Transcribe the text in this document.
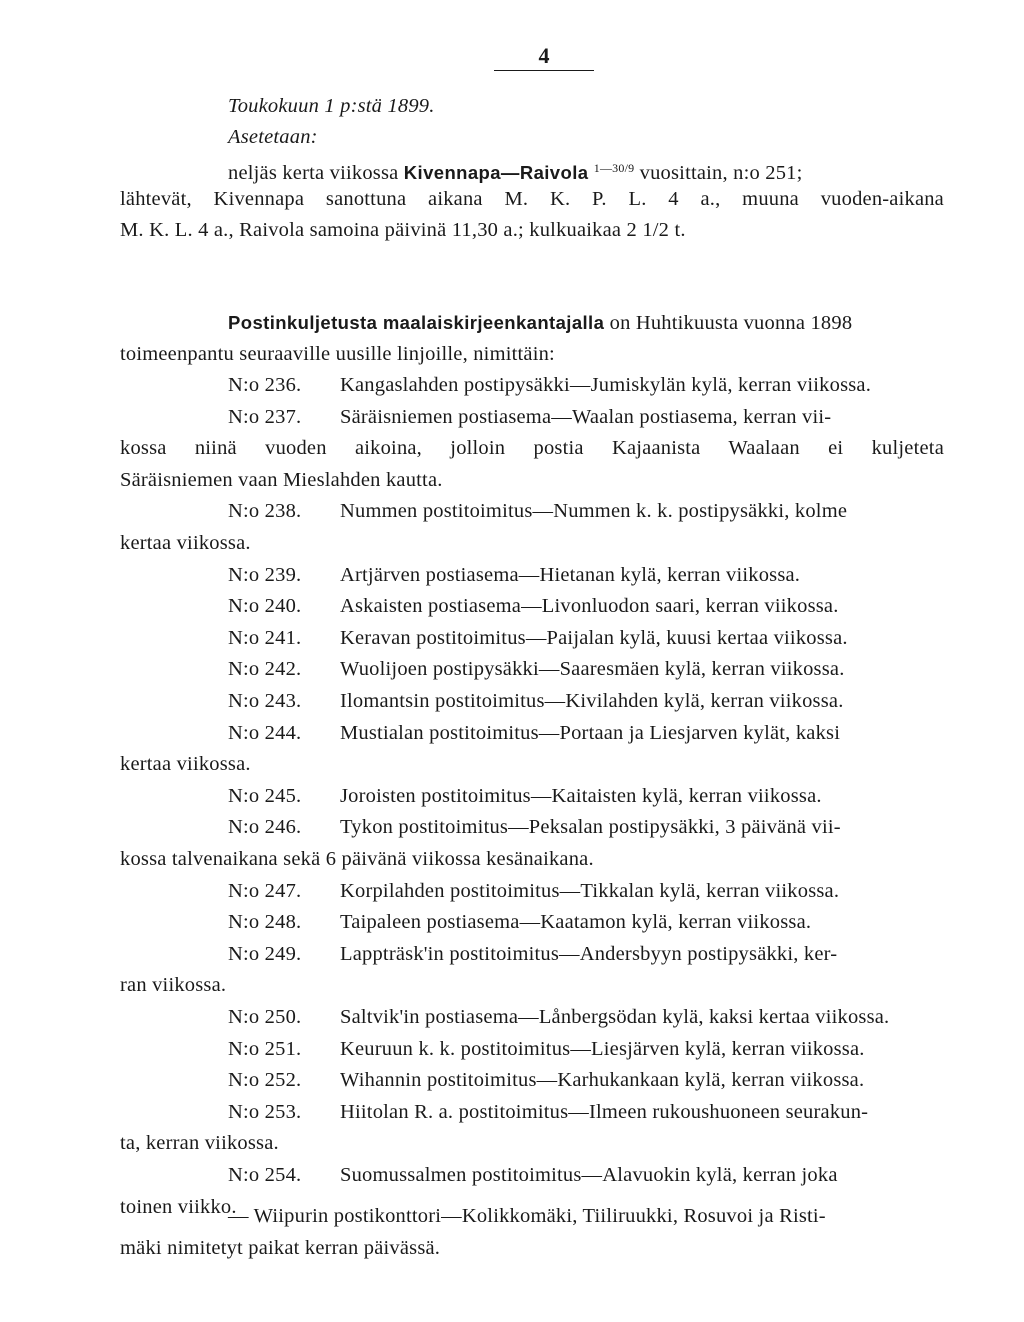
4
Toukokuun 1 p:stä 1899.
Asetetaan:
neljäs kerta viikossa Kivennapa—Raivola $^{1—30/9}$ vuosittain, n:o 251;
lähtevät, Kivennapa sanottuna aikana M. K. P. L. 4 a., muuna vuoden-aikana
M. K. L. 4 a., Raivola samoina päivinä 11,30 a.; kulkuaikaa 2 1/2 t.
Postinkuljetusta maalaiskirjeenkantajalla on Huhtikuusta vuonna 1898
toimeenpantu seuraaville uusille linjoille, nimittäin:
N:o 236. Kangaslahden postipysäkki—Jumiskylän kylä, kerran viikossa.
N:o 237. Säräisniemen postiasema—Waalan postiasema, kerran vii-
kossa niinä vuoden aikoina, jolloin postia Kajaanista Waalaan ei kuljeteta
Säräisniemen vaan Mieslahden kautta.
N:o 238. Nummen postitoimitus—Nummen k. k. postipysäkki, kolme
kertaa viikossa.
N:o 239. Artjärven postiasema—Hietanan kylä, kerran viikossa.
N:o 240. Askaisten postiasema—Livonluodon saari, kerran viikossa.
N:o 241. Keravan postitoimitus—Paijalan kylä, kuusi kertaa viikossa.
N:o 242. Wuolijoen postipysäkki—Saaresmäen kylä, kerran viikossa.
N:o 243. Ilomantsin postitoimitus—Kivilahden kylä, kerran viikossa.
N:o 244. Mustialan postitoimitus—Portaan ja Liesjarven kylät, kaksi
kertaa viikossa.
N:o 245. Joroisten postitoimitus—Kaitaisten kylä, kerran viikossa.
N:o 246. Tykon postitoimitus—Peksalan postipysäkki, 3 päivänä vii-
kossa talvenaikana sekä 6 päivänä viikossa kesänaikana.
N:o 247. Korpilahden postitoimitus—Tikkalan kylä, kerran viikossa.
N:o 248. Taipaleen postiasema—Kaatamon kylä, kerran viikossa.
N:o 249. Lappträsk'in postitoimitus—Andersbyyn postipysäkki, ker-
ran viikossa.
N:o 250. Saltvik'in postiasema—Lånbergsödan kylä, kaksi kertaa viikossa.
N:o 251. Keuruun k. k. postitoimitus—Liesjärven kylä, kerran viikossa.
N:o 252. Wihannin postitoimitus—Karhukankaan kylä, kerran viikossa.
N:o 253. Hiitolan R. a. postitoimitus—Ilmeen rukoushuoneen seurakun-
ta, kerran viikossa.
N:o 254. Suomussalmen postitoimitus—Alavuokin kylä, kerran joka
toinen viikko.
— Wiipurin postikonttori—Kolikkomäki, Tiiliruukki, Rosuvoi ja Risti-
mäki nimitetyt paikat kerran päivässä.
